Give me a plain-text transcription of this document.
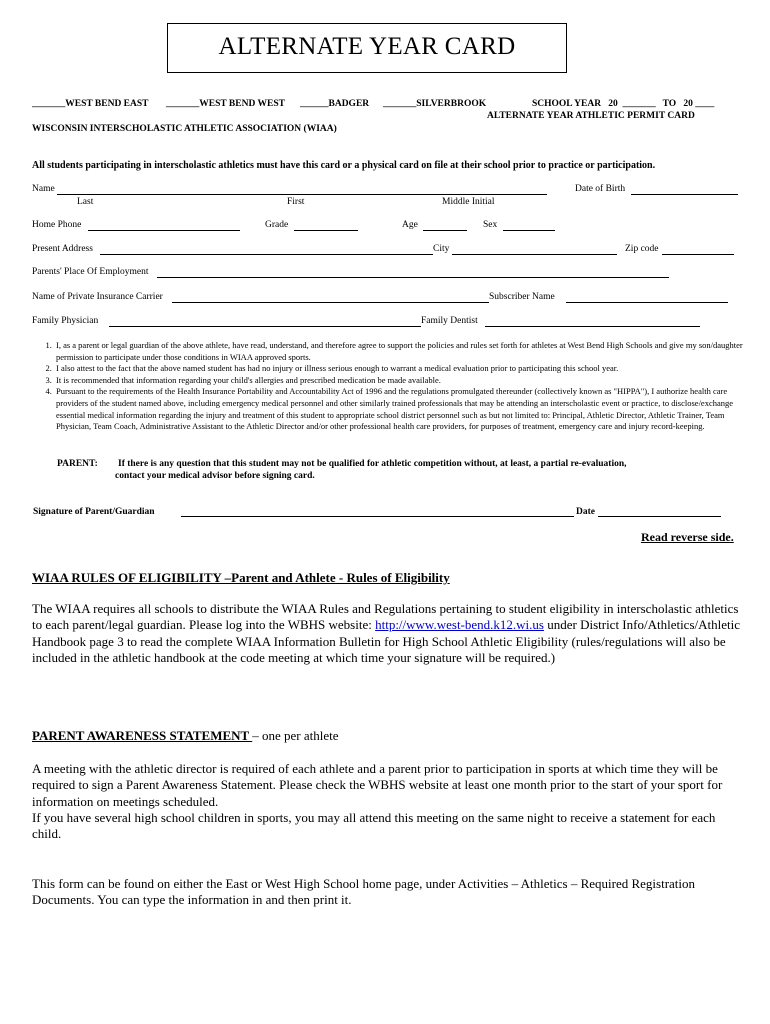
ALTERNATE YEAR CARD
_______WEST BEND EAST _______WEST BEND WEST ______BADGER _______SILVERBROOK	SCHOOL YEAR   20  _______   TO   20 ____
ALTERNATE YEAR ATHLETIC PERMIT CARD
WISCONSIN INTERSCHOLASTIC ATHLETIC ASSOCIATION (WIAA)
All students participating in interscholastic athletics must have this card or a physical card on file at their school prior to practice or participation.
Name	Date of Birth
Last	First	Middle Initial
Home Phone	Grade	Age	Sex
Present Address	City	Zip code
Parents' Place Of Employment
Name of Private Insurance Carrier	Subscriber Name
Family Physician	Family Dentist
1. I, as a parent or legal guardian of the above athlete, have read, understand, and therefore agree to support the policies and rules set forth for athletes at West Bend High Schools and give my son/daughter permission to participate under those conditions in WIAA approved sports.
2. I also attest to the fact that the above named student has had no injury or illness serious enough to warrant a medical evaluation prior to participating this school year.
3. It is recommended that information regarding your child's allergies and prescribed medication be made available.
4. Pursuant to the requirements of the Health Insurance Portability and Accountability Act of 1996 and the regulations promulgated thereunder (collectively known as "HIPPA"), I authorize health care providers of the student named above, including emergency medical personnel and other similarly trained professionals that may be attending an interscholastic event or practice, to disclose/exchange essential medical information regarding the injury and treatment of this student to appropriate school district personnel such as but not limited to: Principal, Athletic Director, Athletic Trainer, Team Physician, Team Coach, Administrative Assistant to the Athletic Director and/or other professional health care providers, for purposes of treatment, emergency care and injury record-keeping.
PARENT: If there is any question that this student may not be qualified for athletic competition without, at least, a partial re-evaluation,
contact your medical advisor before signing card.
Signature of Parent/Guardian	Date
Read reverse side.
WIAA RULES OF ELIGIBILITY –Parent and Athlete - Rules of Eligibility
The WIAA requires all schools to distribute the WIAA Rules and Regulations pertaining to student eligibility in interscholastic athletics to each parent/legal guardian. Please log into the WBHS website: http://www.west-bend.k12.wi.us under District Info/Athletics/Athletic Handbook page 3 to read the complete WIAA Information Bulletin for High School Athletic Eligibility (rules/regulations will also be included in the athletic handbook at the code meeting at which time your signature will be required.)
PARENT AWARENESS STATEMENT – one per athlete
A meeting with the athletic director is required of each athlete and a parent prior to participation in sports at which time they will be required to sign a Parent Awareness Statement. Please check the WBHS website at least one month prior to the start of your sport for information on meetings scheduled.
If you have several high school children in sports, you may all attend this meeting on the same night to receive a statement for each child.
This form can be found on either the East or West High School home page, under Activities – Athletics – Required Registration Documents. You can type the information in and then print it.
